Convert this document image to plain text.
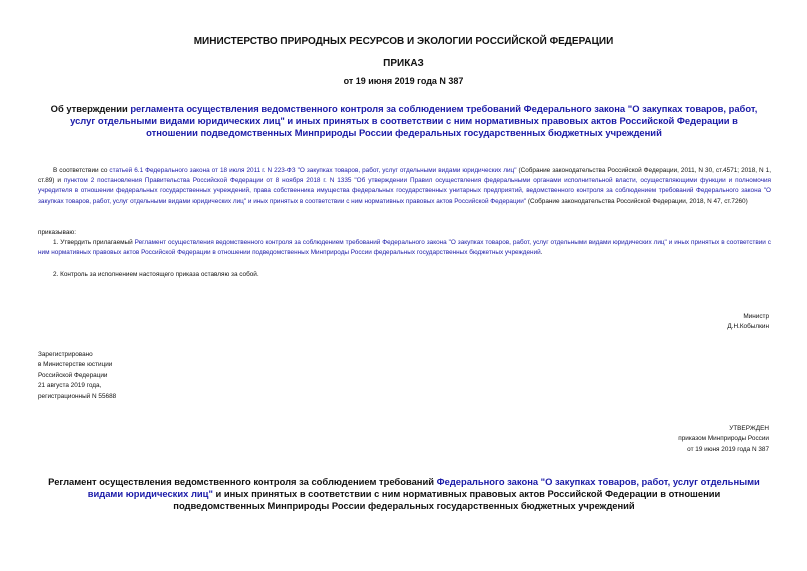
МИНИСТЕРСТВО ПРИРОДНЫХ РЕСУРСОВ И ЭКОЛОГИИ РОССИЙСКОЙ ФЕДЕРАЦИИ
ПРИКАЗ
от 19 июня 2019 года N 387
Об утверждении регламента осуществления ведомственного контроля за соблюдением требований Федерального закона "О закупках товаров, работ, услуг отдельными видами юридических лиц" и иных принятых в соответствии с ним нормативных правовых актов Российской Федерации в отношении подведомственных Минприроды России федеральных государственных бюджетных учреждений
В соответствии со статьей 6.1 Федерального закона от 18 июля 2011 г. N 223-ФЗ "О закупках товаров, работ, услуг отдельными видами юридических лиц" (Собрание законодательства Российской Федерации, 2011, N 30, ст.4571; 2018, N 1, ст.89) и пунктом 2 постановления Правительства Российской Федерации от 8 ноября 2018 г. N 1335 "Об утверждении Правил осуществления федеральными органами исполнительной власти, осуществляющими функции и полномочия учредителя в отношении федеральных государственных учреждений, права собственника имущества федеральных государственных унитарных предприятий, ведомственного контроля за соблюдением требований Федерального закона "О закупках товаров, работ, услуг отдельными видами юридических лиц" и иных принятых в соответствии с ним нормативных правовых актов Российской Федерации" (Собрание законодательства Российской Федерации, 2018, N 47, ст.7260)
приказываю:
1. Утвердить прилагаемый Регламент осуществления ведомственного контроля за соблюдением требований Федерального закона "О закупках товаров, работ, услуг отдельными видами юридических лиц" и иных принятых в соответствии с ним нормативных правовых актов Российской Федерации в отношении подведомственных Минприроды России федеральных государственных бюджетных учреждений.
2. Контроль за исполнением настоящего приказа оставляю за собой.
Министр
Д.Н.Кобылкин
Зарегистрировано
в Министерстве юстиции
Российской Федерации
21 августа 2019 года,
регистрационный N 55688
УТВЕРЖДЕН
приказом Минприроды России
от 19 июня 2019 года N 387
Регламент осуществления ведомственного контроля за соблюдением требований Федерального закона "О закупках товаров, работ, услуг отдельными видами юридических лиц" и иных принятых в соответствии с ним нормативных правовых актов Российской Федерации в отношении подведомственных Минприроды России федеральных государственных бюджетных учреждений
